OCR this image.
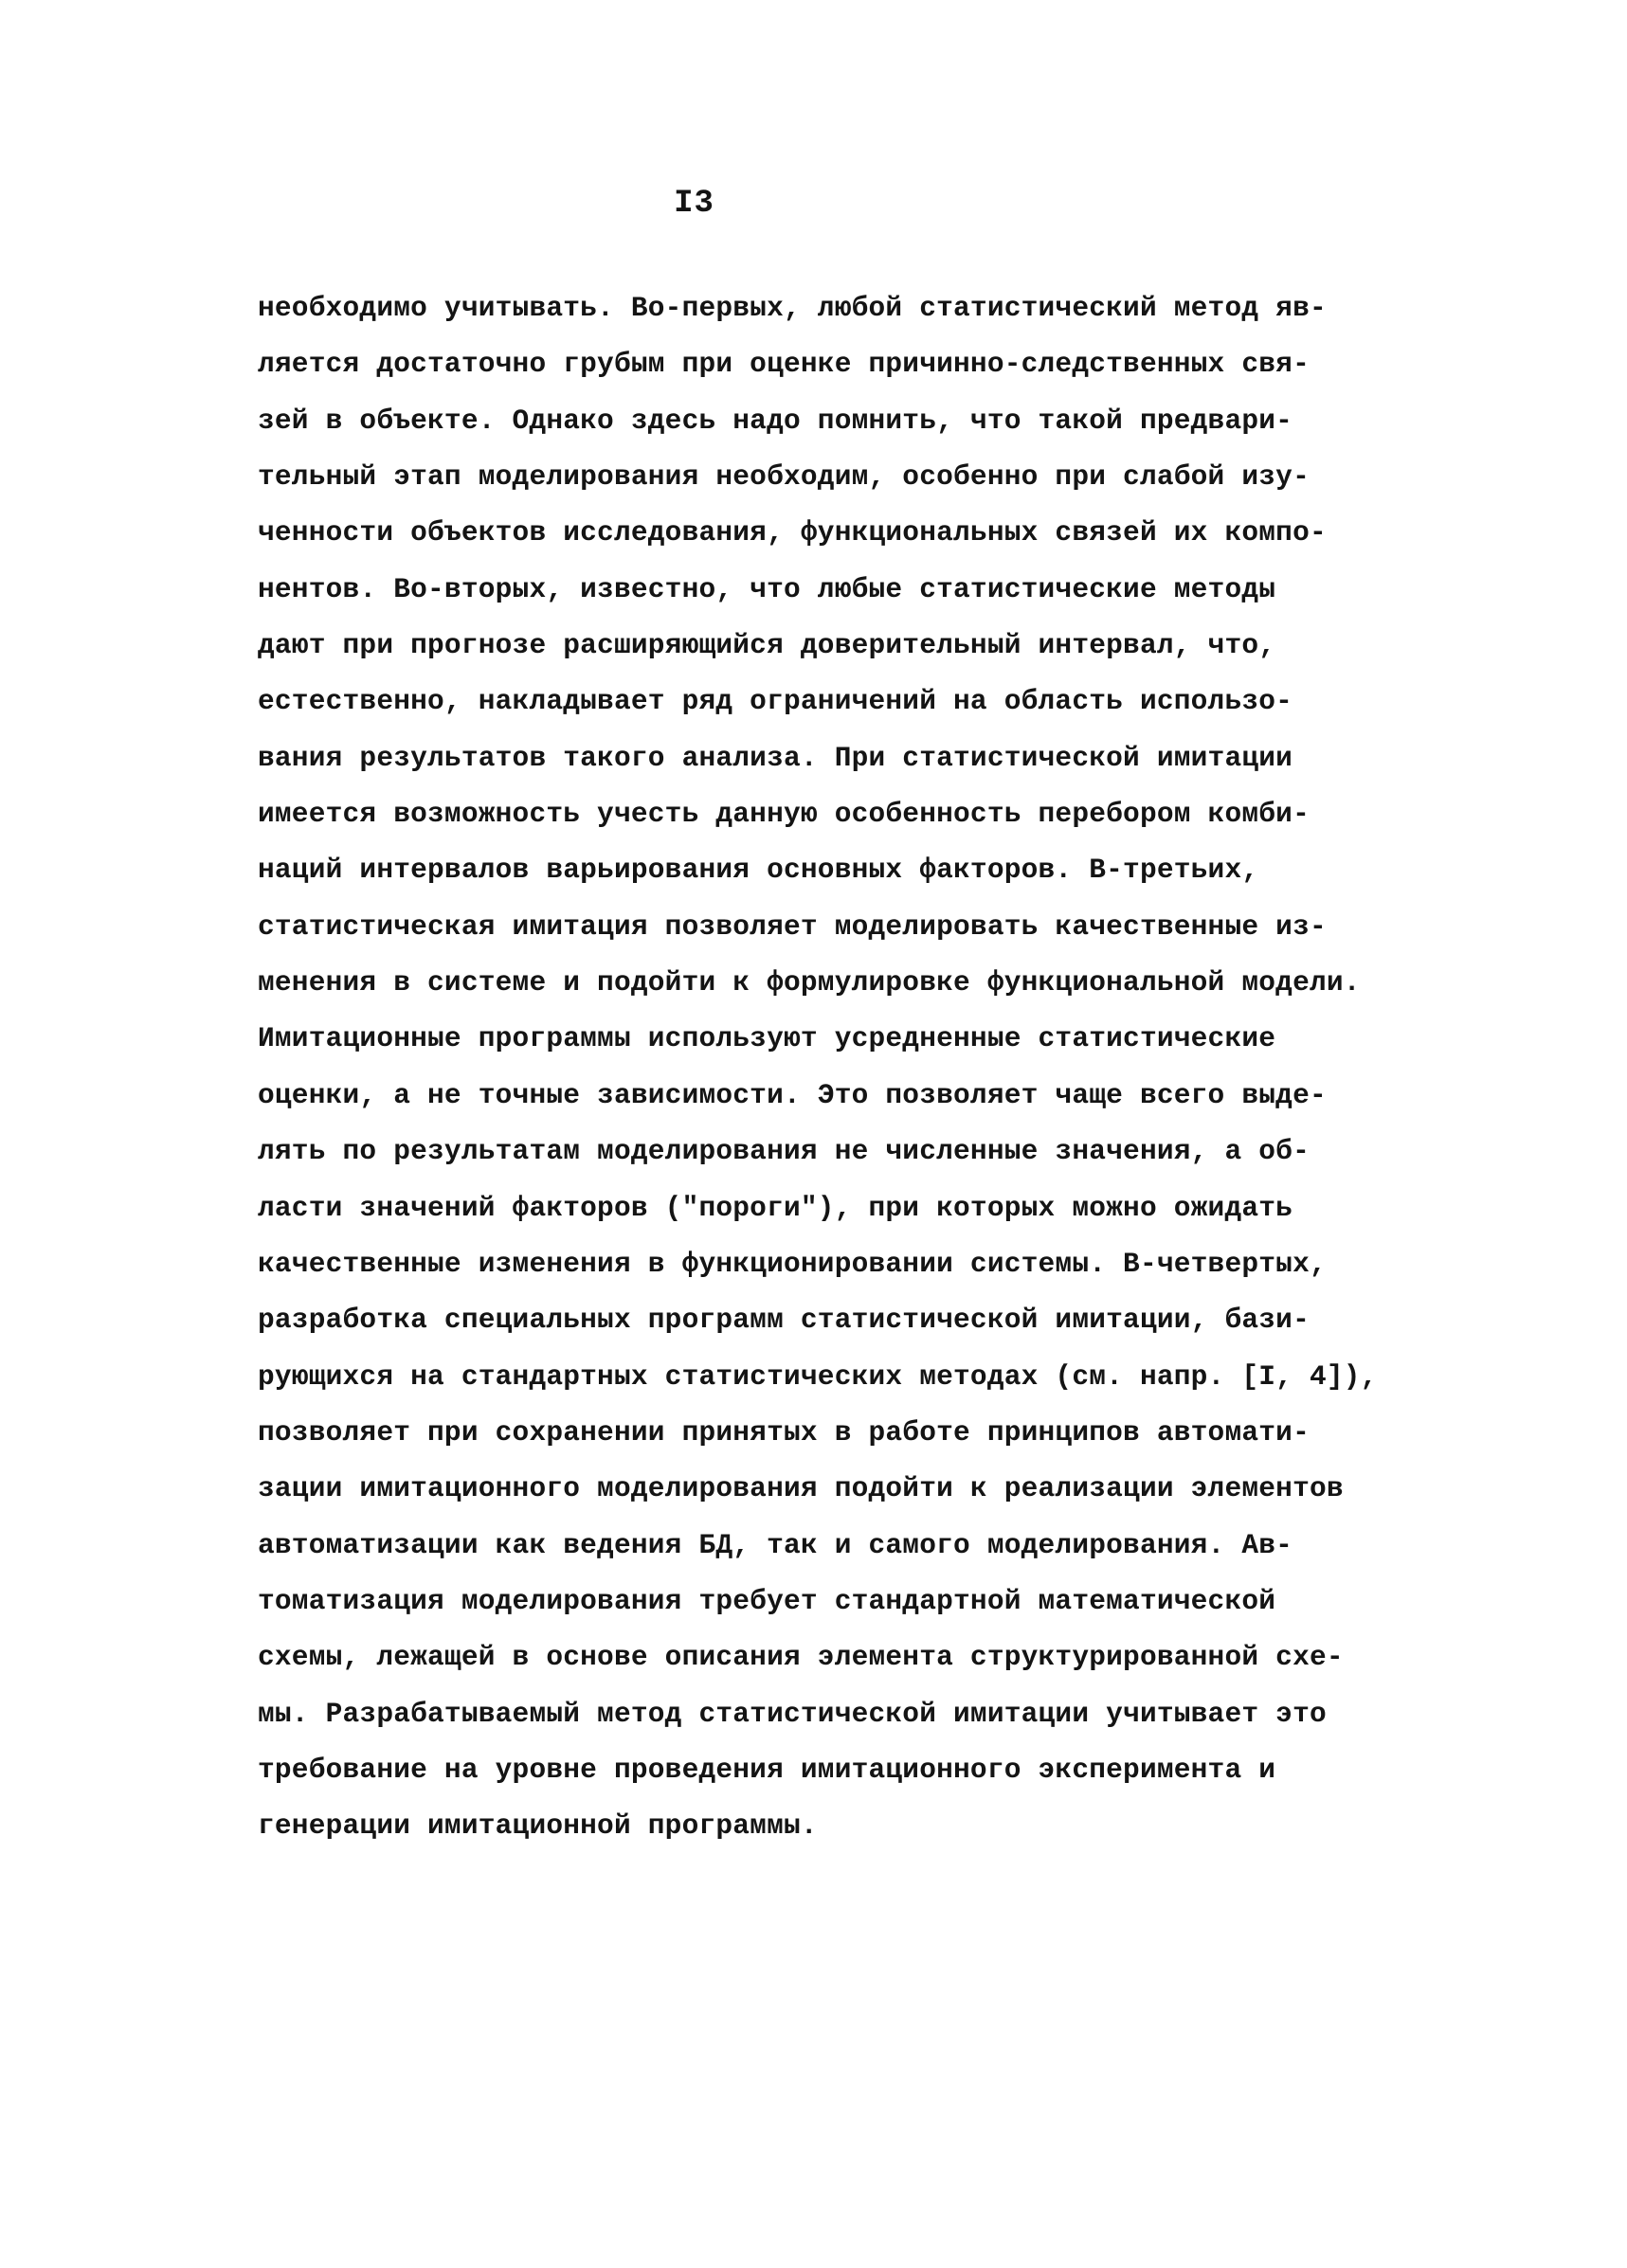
I3
необходимо учитывать. Во-первых, любой статистический метод яв-
ляется достаточно грубым при оценке причинно-следственных свя-
зей в объекте. Однако здесь надо помнить, что такой предвари-
тельный этап моделирования необходим, особенно при слабой изу-
ченности объектов исследования, функциональных связей их компо-
нентов. Во-вторых, известно, что любые статистические методы
дают при прогнозе расширяющийся доверительный интервал, что,
естественно, накладывает ряд ограничений на область использо-
вания результатов такого анализа. При статистической имитации
имеется возможность учесть данную особенность перебором комби-
наций интервалов варьирования основных факторов. В-третьих,
статистическая имитация позволяет моделировать качественные из-
менения в системе и подойти к формулировке функциональной модели.
Имитационные программы используют усредненные статистические
оценки, а не точные зависимости. Это позволяет чаще всего выде-
лять по результатам моделирования не численные значения, а об-
ласти значений факторов ("пороги"), при которых можно ожидать
качественные изменения в функционировании системы. В-четвертых,
разработка специальных программ статистической имитации, бази-
рующихся на стандартных статистических методах (см. напр. [I, 4]),
позволяет при сохранении принятых в работе принципов автомати-
зации имитационного моделирования подойти к реализации элементов
автоматизации как ведения БД, так и самого моделирования. Ав-
томатизация моделирования требует стандартной математической
схемы, лежащей в основе описания элемента структурированной схе-
мы. Разрабатываемый метод статистической имитации учитывает это
требование на уровне проведения имитационного эксперимента и
генерации имитационной программы.
